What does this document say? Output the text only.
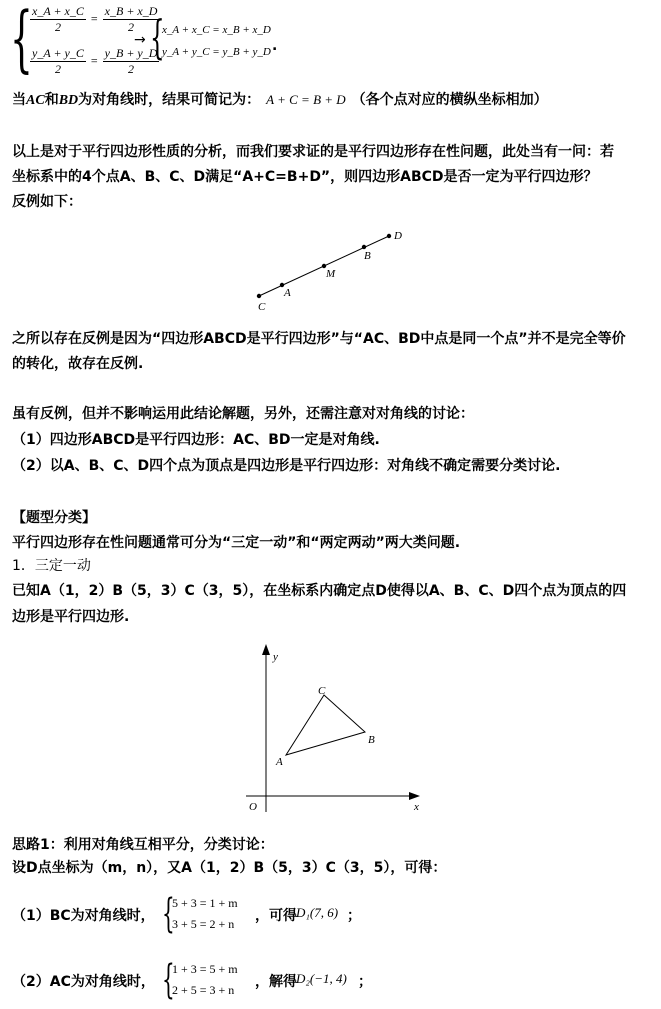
{
$\frac{x\_A + x\_C}{2} = \frac{x\_B + x\_D}{2}$
$\frac{y\_A + y\_C}{2} = \frac{y\_B + y\_D}{2}$
→ {
x_A + x_C = x_B + x_D
y_A + y_C = y_B + y_D .
当AC和BD为对角线时，结果可简记为： A + C = B + D （各个点对应的横纵坐标相加）
以上是对于平行四边形性质的分析，而我们要求证的是平行四边形存在性问题，此处当有一问：若
坐标系中的4个点A、B、C、D满足“A+C=B+D”，则四边形ABCD是否一定为平行四边形？
反例如下：
D
B
M
A
C
之所以存在反例是因为“四边形ABCD是平行四边形”与“AC、BD中点是同一个点”并不是完全等价
的转化，故存在反例.
虽有反例，但并不影响运用此结论解题，另外，还需注意对对角线的讨论：
（1）四边形ABCD是平行四边形：AC、BD一定是对角线.
（2）以A、B、C、D四个点为顶点是四边形是平行四边形：对角线不确定需要分类讨论.
【题型分类】
平行四边形存在性问题通常可分为“三定一动”和“两定两动”两大类问题.
1．三定一动
已知A（1，2）B（5，3）C（3，5），在坐标系内确定点D使得以A、B、C、D四个点为顶点的四
边形是平行四边形.
y
x
O
A
B
C
思路1：利用对角线互相平分，分类讨论：
设D点坐标为（m，n），又A（1，2）B（5，3）C（3，5），可得：
（1）BC为对角线时， {
5 + 3 = 1 + m
3 + 5 = 2 + n ，可得 D₁(7, 6) ；
（2）AC为对角线时， {
1 + 3 = 5 + m
2 + 5 = 3 + n ，解得 D₂(−1, 4) ；
